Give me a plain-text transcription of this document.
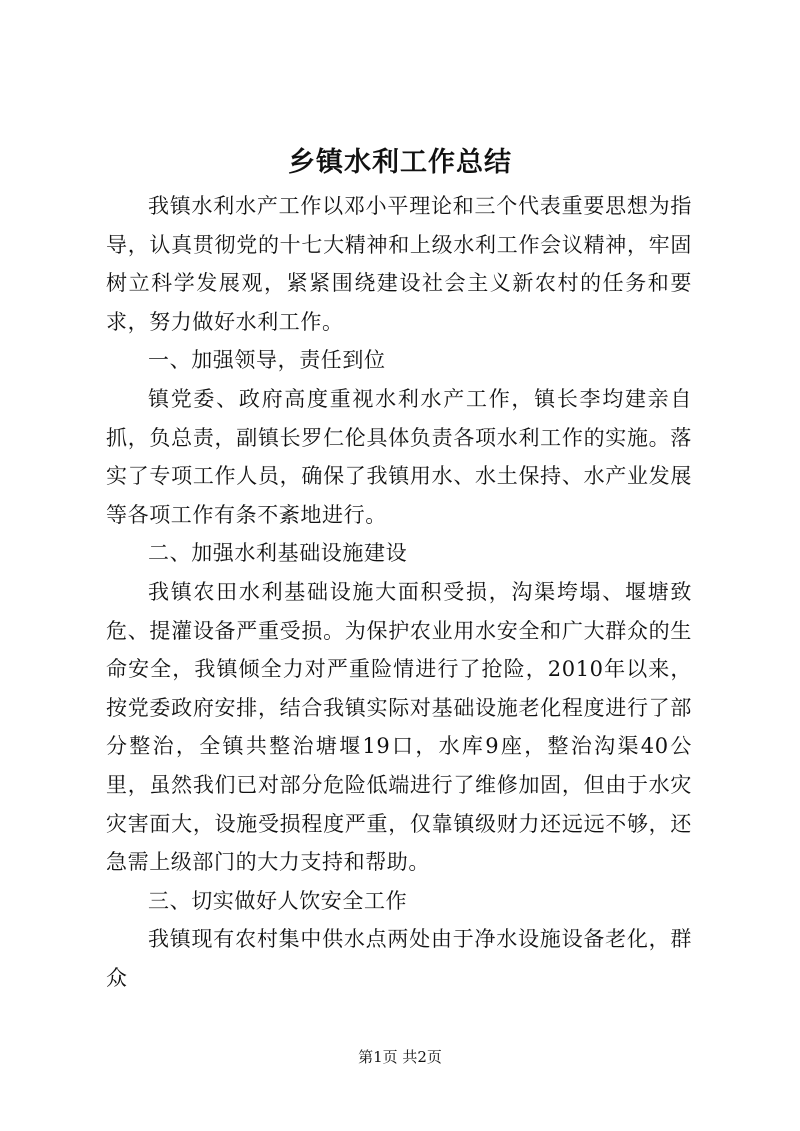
乡镇水利工作总结

我镇水利水产工作以邓小平理论和三个代表重要思想为指导，认真贯彻党的十七大精神和上级水利工作会议精神，牢固树立科学发展观，紧紧围绕建设社会主义新农村的任务和要求，努力做好水利工作。

一、加强领导，责任到位

镇党委、政府高度重视水利水产工作，镇长李均建亲自抓，负总责，副镇长罗仁伦具体负责各项水利工作的实施。落实了专项工作人员，确保了我镇用水、水土保持、水产业发展等各项工作有条不紊地进行。

二、加强水利基础设施建设

我镇农田水利基础设施大面积受损，沟渠垮塌、堰塘致危、提灌设备严重受损。为保护农业用水安全和广大群众的生命安全，我镇倾全力对严重险情进行了抢险，2010年以来，按党委政府安排，结合我镇实际对基础设施老化程度进行了部分整治，全镇共整治塘堰19口，水库9座，整治沟渠40公里，虽然我们已对部分危险低端进行了维修加固，但由于水灾灾害面大，设施受损程度严重，仅靠镇级财力还远远不够，还急需上级部门的大力支持和帮助。

三、切实做好人饮安全工作

我镇现有农村集中供水点两处由于净水设施设备老化，群众

第1页 共2页
